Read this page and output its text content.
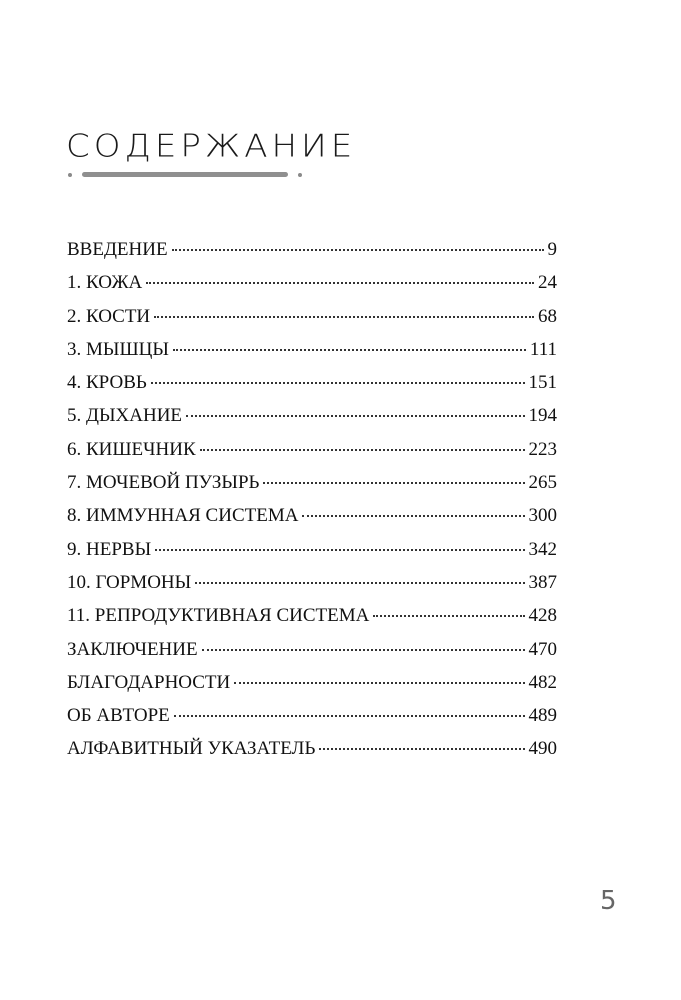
СОДЕРЖАНИЕ
ВВЕДЕНИЕ	9
1. КОЖА	24
2. КОСТИ	68
3. МЫШЦЫ	111
4. КРОВЬ	151
5. ДЫХАНИЕ	194
6. КИШЕЧНИК	223
7. МОЧЕВОЙ ПУЗЫРЬ	265
8. ИММУННАЯ СИСТЕМА	300
9. НЕРВЫ	342
10. ГОРМОНЫ	387
11. РЕПРОДУКТИВНАЯ СИСТЕМА	428
ЗАКЛЮЧЕНИЕ	470
БЛАГОДАРНОСТИ	482
ОБ АВТОРЕ	489
АЛФАВИТНЫЙ УКАЗАТЕЛЬ	490
5
